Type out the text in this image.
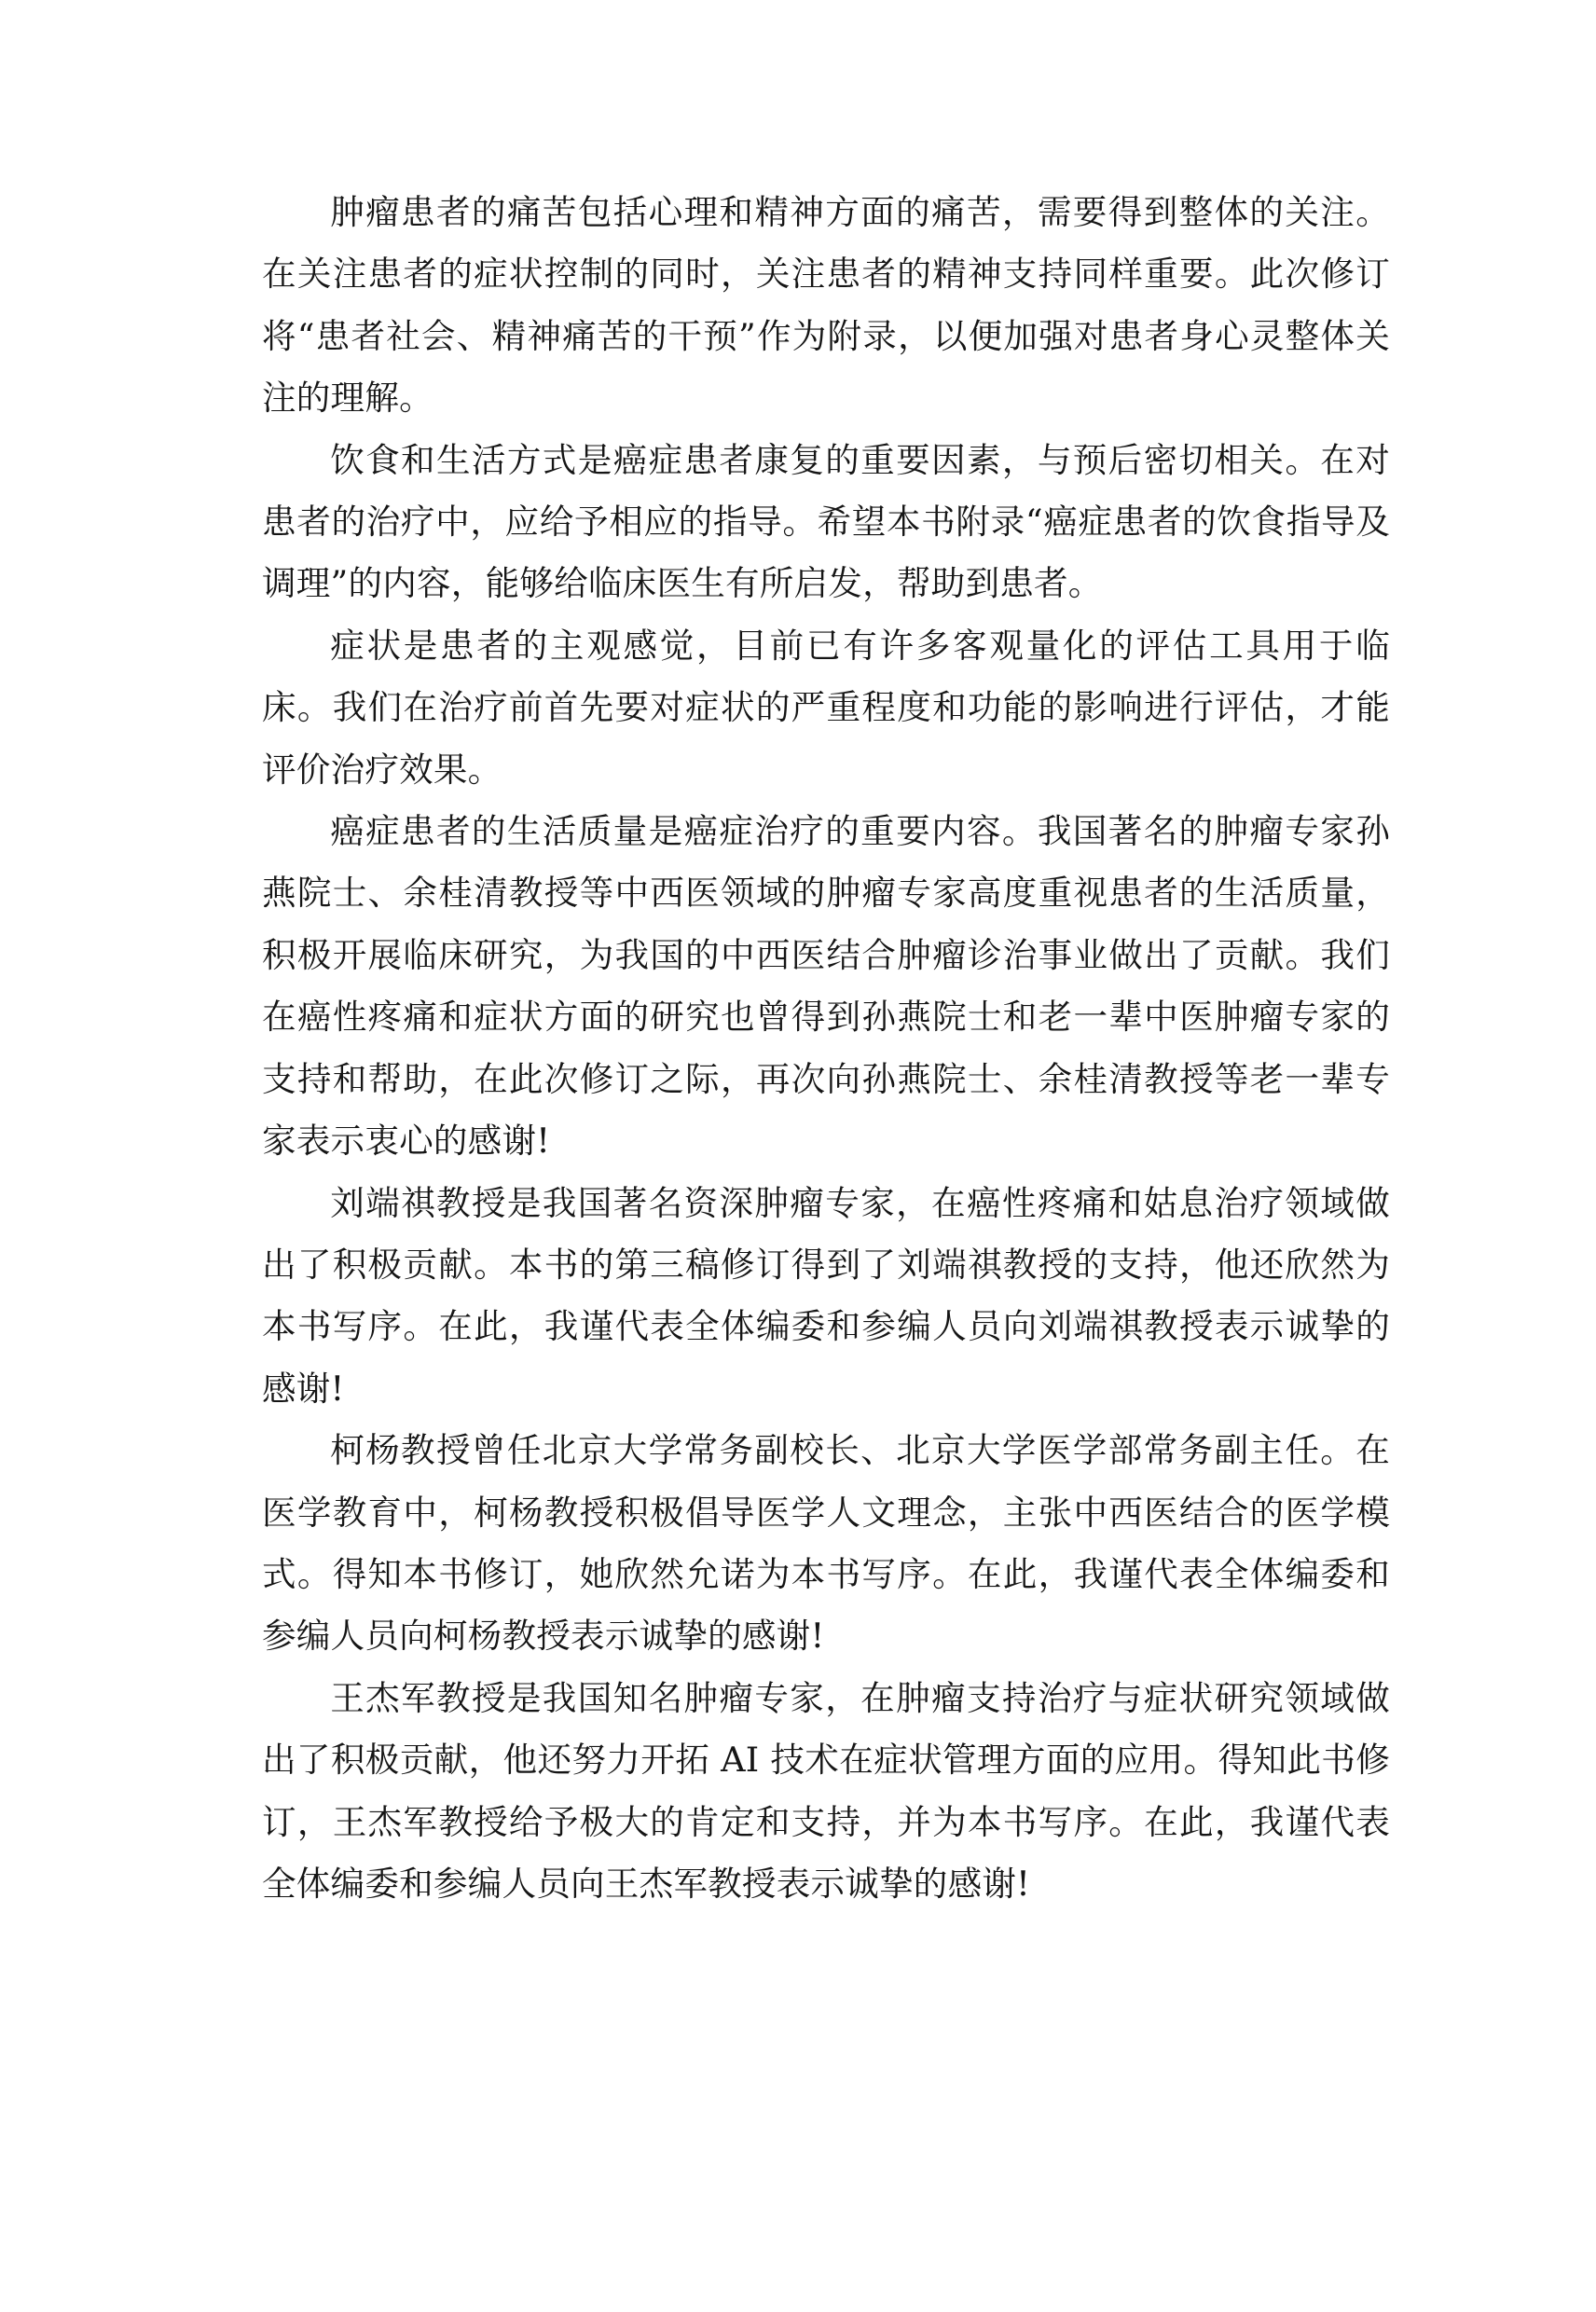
肿瘤患者的痛苦包括心理和精神方面的痛苦，需要得到整体的关注。在关注患者的症状控制的同时，关注患者的精神支持同样重要。此次修订将“患者社会、精神痛苦的干预”作为附录，以便加强对患者身心灵整体关注的理解。

饮食和生活方式是癌症患者康复的重要因素，与预后密切相关。在对患者的治疗中，应给予相应的指导。希望本书附录“癌症患者的饮食指导及调理”的内容，能够给临床医生有所启发，帮助到患者。

症状是患者的主观感觉，目前已有许多客观量化的评估工具用于临床。我们在治疗前首先要对症状的严重程度和功能的影响进行评估，才能评价治疗效果。

癌症患者的生活质量是癌症治疗的重要内容。我国著名的肿瘤专家孙燕院士、余桂清教授等中西医领域的肿瘤专家高度重视患者的生活质量，积极开展临床研究，为我国的中西医结合肿瘤诊治事业做出了贡献。我们在癌性疼痛和症状方面的研究也曾得到孙燕院士和老一辈中医肿瘤专家的支持和帮助，在此次修订之际，再次向孙燕院士、余桂清教授等老一辈专家表示衷心的感谢!

刘端祺教授是我国著名资深肿瘤专家，在癌性疼痛和姑息治疗领域做出了积极贡献。本书的第三稿修订得到了刘端祺教授的支持，他还欣然为本书写序。在此，我谨代表全体编委和参编人员向刘端祺教授表示诚挚的感谢!

柯杨教授曾任北京大学常务副校长、北京大学医学部常务副主任。在医学教育中，柯杨教授积极倡导医学人文理念，主张中西医结合的医学模式。得知本书修订，她欣然允诺为本书写序。在此，我谨代表全体编委和参编人员向柯杨教授表示诚挚的感谢!

王杰军教授是我国知名肿瘤专家，在肿瘤支持治疗与症状研究领域做出了积极贡献，他还努力开拓 AI 技术在症状管理方面的应用。得知此书修订，王杰军教授给予极大的肯定和支持，并为本书写序。在此，我谨代表全体编委和参编人员向王杰军教授表示诚挚的感谢!
